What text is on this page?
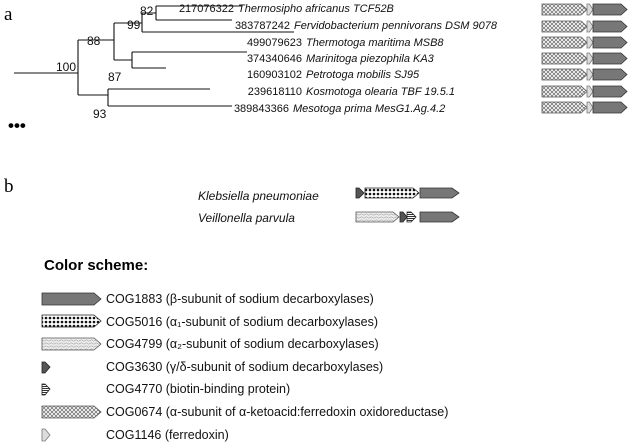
a	82
99
88
100
87
93
•••
217076322 Thermosipho africanus TCF52B
383787242 Fervidobacterium pennivorans DSM 9078
499079623 Thermotoga maritima MSB8
374340646 Marinitoga piezophila KA3
160903102 Petrotoga mobilis SJ95
239618110 Kosmotoga olearia TBF 19.5.1
389843366 Mesotoga prima MesG1.Ag.4.2
b	Klebsiella pneumoniae
Veillonella parvula
Color scheme:
COG1883 (β-subunit of sodium decarboxylases)
COG5016 (α₁-subunit of sodium decarboxylases)
COG4799 (α₂-subunit of sodium decarboxylases)
COG3630 (γ/δ-subunit of sodium decarboxylases)
COG4770 (biotin-binding protein)
COG0674 (α-subunit of α-ketoacid:ferredoxin oxidoreductase)
COG1146 (ferredoxin)
